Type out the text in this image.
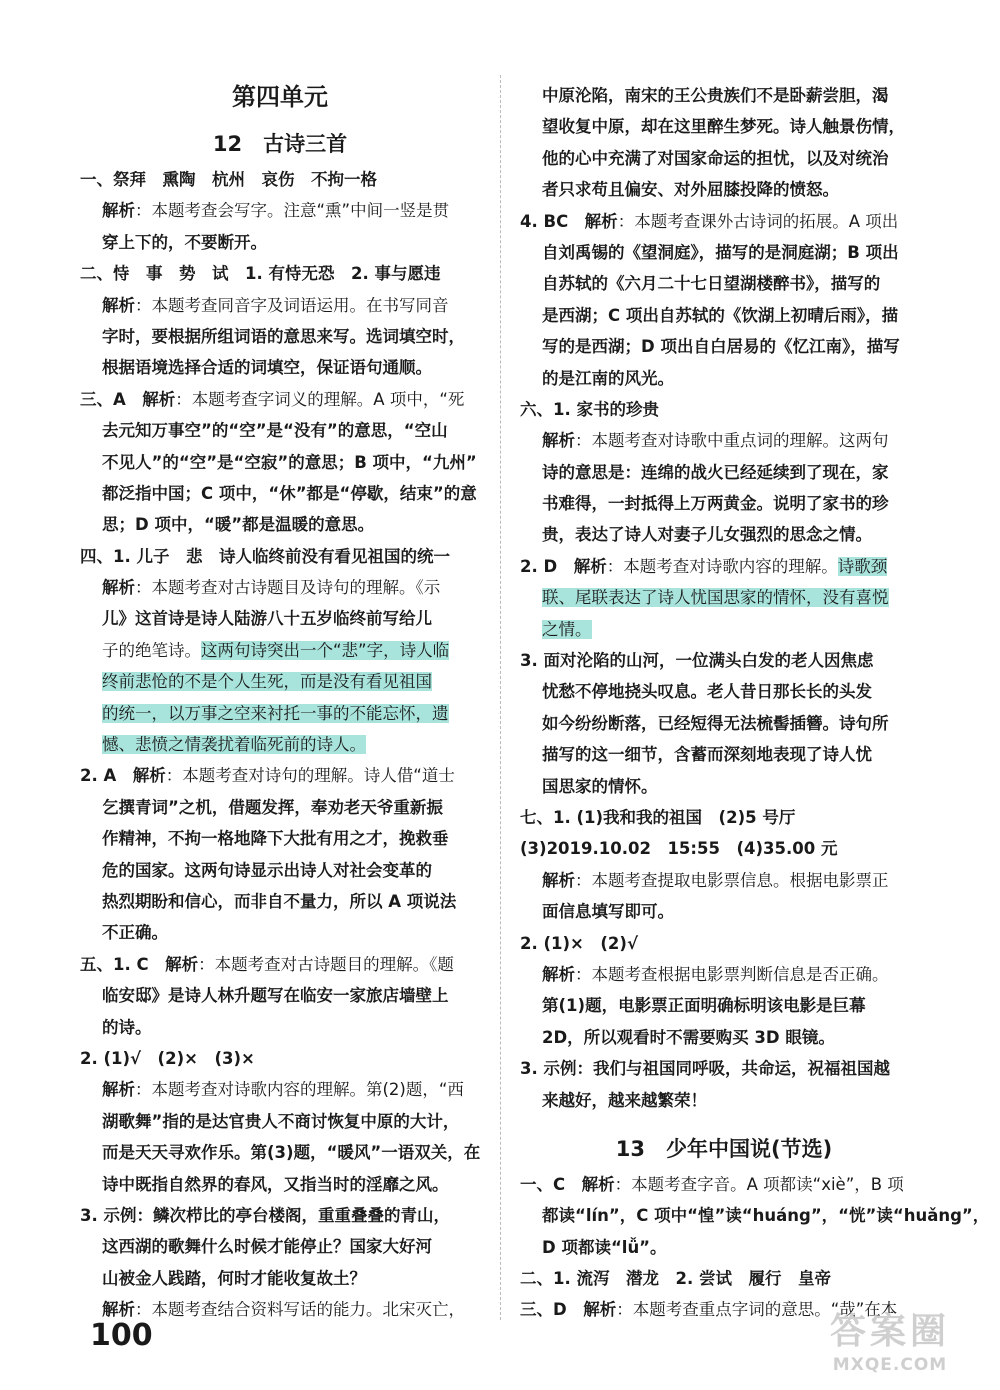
第四单元
12　古诗三首
一、祭拜　熏陶　杭州　哀伤　不拘一格
解析：本题考查会写字。注意“熏”中间一竖是贯
穿上下的，不要断开。
二、恃　事　势　试　1. 有恃无恐　2. 事与愿违
解析：本题考查同音字及词语运用。在书写同音
字时，要根据所组词语的意思来写。选词填空时，
根据语境选择合适的词填空，保证语句通顺。
三、A　解析：本题考查字词义的理解。A 项中，“死
去元知万事空”的“空”是“没有”的意思，“空山
不见人”的“空”是“空寂”的意思；B 项中，“九州”
都泛指中国；C 项中，“休”都是“停歇，结束”的意
思；D 项中，“暖”都是温暖的意思。
四、1. 儿子　悲　诗人临终前没有看见祖国的统一
解析：本题考查对古诗题目及诗句的理解。《示
儿》这首诗是诗人陆游八十五岁临终前写给儿
子的绝笔诗。这两句诗突出一个“悲”字，诗人临
终前悲怆的不是个人生死，而是没有看见祖国
的统一，以万事之空来衬托一事的不能忘怀，遗
憾、悲愤之情袭扰着临死前的诗人。
2. A　解析：本题考查对诗句的理解。诗人借“道士
乞撰青词”之机，借题发挥，奉劝老天爷重新振
作精神，不拘一格地降下大批有用之才，挽救垂
危的国家。这两句诗显示出诗人对社会变革的
热烈期盼和信心，而非自不量力，所以 A 项说法
不正确。
五、1. C　解析：本题考查对古诗题目的理解。《题
临安邸》是诗人林升题写在临安一家旅店墙壁上
的诗。
2. (1)√　(2)×　(3)×
解析：本题考查对诗歌内容的理解。第(2)题，“西
湖歌舞”指的是达官贵人不商讨恢复中原的大计，
而是天天寻欢作乐。第(3)题，“暖风”一语双关，在
诗中既指自然界的春风，又指当时的淫靡之风。
3. 示例：鳞次栉比的亭台楼阁，重重叠叠的青山，
这西湖的歌舞什么时候才能停止？国家大好河
山被金人践踏，何时才能收复故土？
解析：本题考查结合资料写话的能力。北宋灭亡，
中原沦陷，南宋的王公贵族们不是卧薪尝胆，渴
望收复中原，却在这里醉生梦死。诗人触景伤情，
他的心中充满了对国家命运的担忧，以及对统治
者只求苟且偏安、对外屈膝投降的愤怒。
4. BC　解析：本题考查课外古诗词的拓展。A 项出
自刘禹锡的《望洞庭》，描写的是洞庭湖；B 项出
自苏轼的《六月二十七日望湖楼醉书》，描写的
是西湖；C 项出自苏轼的《饮湖上初晴后雨》，描
写的是西湖；D 项出自白居易的《忆江南》，描写
的是江南的风光。
六、1. 家书的珍贵
解析：本题考查对诗歌中重点词的理解。这两句
诗的意思是：连绵的战火已经延续到了现在，家
书难得，一封抵得上万两黄金。说明了家书的珍
贵，表达了诗人对妻子儿女强烈的思念之情。
2. D　解析：本题考查对诗歌内容的理解。诗歌颈
联、尾联表达了诗人忧国思家的情怀，没有喜悦
之情。
3. 面对沦陷的山河，一位满头白发的老人因焦虑
忧愁不停地挠头叹息。老人昔日那长长的头发
如今纷纷断落，已经短得无法梳髻插簪。诗句所
描写的这一细节，含蓄而深刻地表现了诗人忧
国思家的情怀。
七、1. (1)我和我的祖国　(2)5 号厅
(3)2019.10.02　15:55　(4)35.00 元
解析：本题考查提取电影票信息。根据电影票正
面信息填写即可。
2. (1)×　(2)√
解析：本题考查根据电影票判断信息是否正确。
第(1)题，电影票正面明确标明该电影是巨幕
2D，所以观看时不需要购买 3D 眼镜。
3. 示例：我们与祖国同呼吸，共命运，祝福祖国越
来越好，越来越繁荣！
13　少年中国说(节选)
一、C　解析：本题考查字音。A 项都读“xiè”，B 项
都读“lín”，C 项中“惶”读“huáng”，“恍”读“huǎng”，
D 项都读“lǚ”。
二、1. 流泻　潜龙　2. 尝试　履行　皇帝
三、D　解析：本题考查重点字词的意思。“哉”在本
100	答案圈
MXQE.COM
